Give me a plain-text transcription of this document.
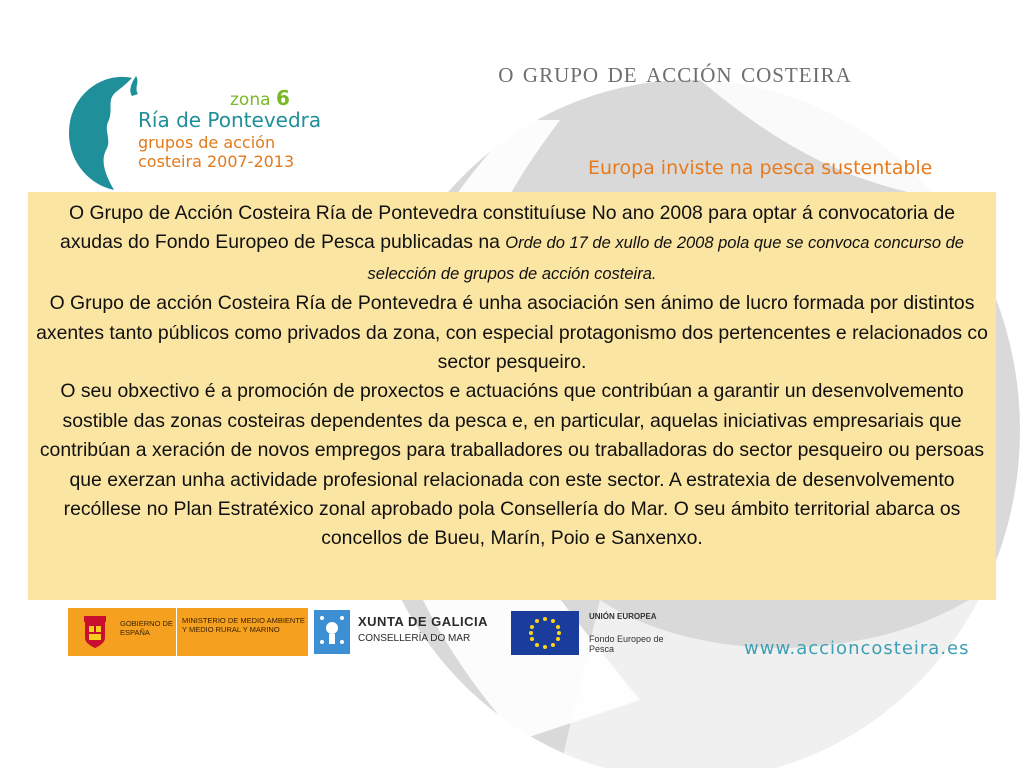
o grupo de acción costeira
zona 6
Ría de Pontevedra
grupos de acción
costeira 2007-2013	Europa inviste na pesca sustentable

O Grupo de Acción Costeira Ría de Pontevedra constituíuse No ano 2008 para optar á convocatoria de axudas do Fondo Europeo de Pesca publicadas na Orde do 17 de xullo de 2008 pola que se convoca concurso de selección de grupos de acción costeira.

O Grupo de acción Costeira Ría de Pontevedra é unha asociación sen ánimo de lucro formada por distintos axentes tanto públicos como privados da zona, con especial protagonismo dos pertencentes e relacionados co sector pesqueiro.

O seu obxectivo é a promoción de proxectos e actuacións que contribúan a garantir un desenvolvemento sostible das zonas costeiras dependentes da pesca e, en particular, aquelas iniciativas empresariais que contribúan a xeración de novos empregos para traballadores ou traballadoras do sector pesqueiro ou persoas que exerzan unha actividade profesional relacionada con este sector. A estratexia de desenvolvemento recóllese no Plan Estratéxico zonal aprobado pola Consellería do Mar. O seu ámbito territorial abarca os concellos de Bueu, Marín, Poio e Sanxenxo.

GOBIERNO DE ESPAÑA
MINISTERIO DE MEDIO AMBIENTE Y MEDIO RURAL Y MARINO
XUNTA DE GALICIA
CONSELLERÍA DO MAR
UNIÓN EUROPEA
Fondo Europeo de Pesca	www.accioncosteira.es
